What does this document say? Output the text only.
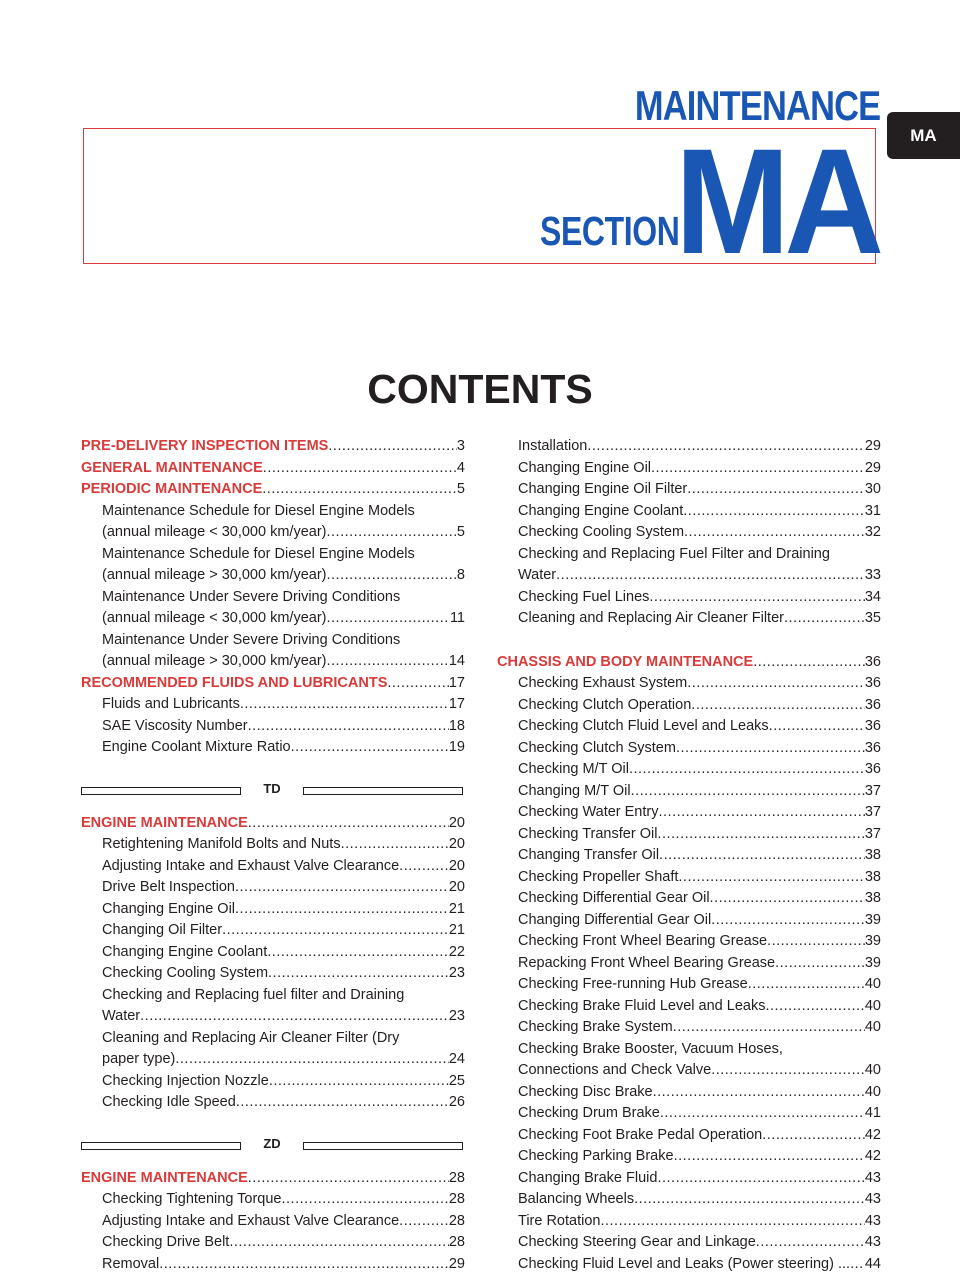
MA
MAINTENANCE
SECTION
MA
CONTENTS
PRE-DELIVERY INSPECTION ITEMS .....	3
GENERAL MAINTENANCE .....	4
PERIODIC MAINTENANCE .....	5
Maintenance Schedule for Diesel Engine Models
(annual mileage < 30,000 km/year) .....	5
Maintenance Schedule for Diesel Engine Models
(annual mileage > 30,000 km/year) .....	8
Maintenance Under Severe Driving Conditions
(annual mileage < 30,000 km/year) .....	11
Maintenance Under Severe Driving Conditions
(annual mileage > 30,000 km/year) .....	14
RECOMMENDED FLUIDS AND LUBRICANTS .....	17
Fluids and Lubricants .....	17
SAE Viscosity Number .....	18
Engine Coolant Mixture Ratio .....	19
TD
ENGINE MAINTENANCE .....	20
Retightening Manifold Bolts and Nuts .....	20
Adjusting Intake and Exhaust Valve Clearance .....	20
Drive Belt Inspection .....	20
Changing Engine Oil .....	21
Changing Oil Filter .....	21
Changing Engine Coolant .....	22
Checking Cooling System .....	23
Checking and Replacing fuel filter and Draining
Water .....	23
Cleaning and Replacing Air Cleaner Filter (Dry
paper type) .....	24
Checking Injection Nozzle .....	25
Checking Idle Speed .....	26
ZD
ENGINE MAINTENANCE .....	28
Checking Tightening Torque .....	28
Adjusting Intake and Exhaust Valve Clearance .....	28
Checking Drive Belt .....	28
Removal .....	29
Installation .....	29
Changing Engine Oil .....	29
Changing Engine Oil Filter .....	30
Changing Engine Coolant .....	31
Checking Cooling System .....	32
Checking and Replacing Fuel Filter and Draining
Water .....	33
Checking Fuel Lines .....	34
Cleaning and Replacing Air Cleaner Filter .....	35
CHASSIS AND BODY MAINTENANCE .....	36
Checking Exhaust System .....	36
Checking Clutch Operation .....	36
Checking Clutch Fluid Level and Leaks .....	36
Checking Clutch System .....	36
Checking M/T Oil .....	36
Changing M/T Oil .....	37
Checking Water Entry .....	37
Checking Transfer Oil .....	37
Changing Transfer Oil .....	38
Checking Propeller Shaft .....	38
Checking Differential Gear Oil .....	38
Changing Differential Gear Oil .....	39
Checking Front Wheel Bearing Grease .....	39
Repacking Front Wheel Bearing Grease .....	39
Checking Free-running Hub Grease .....	40
Checking Brake Fluid Level and Leaks .....	40
Checking Brake System .....	40
Checking Brake Booster, Vacuum Hoses,
Connections and Check Valve .....	40
Checking Disc Brake .....	40
Checking Drum Brake .....	41
Checking Foot Brake Pedal Operation .....	42
Checking Parking Brake .....	42
Changing Brake Fluid .....	43
Balancing Wheels .....	43
Tire Rotation .....	43
Checking Steering Gear and Linkage .....	43
Checking Fluid Level and Leaks (Power steering) ... ..... 44
